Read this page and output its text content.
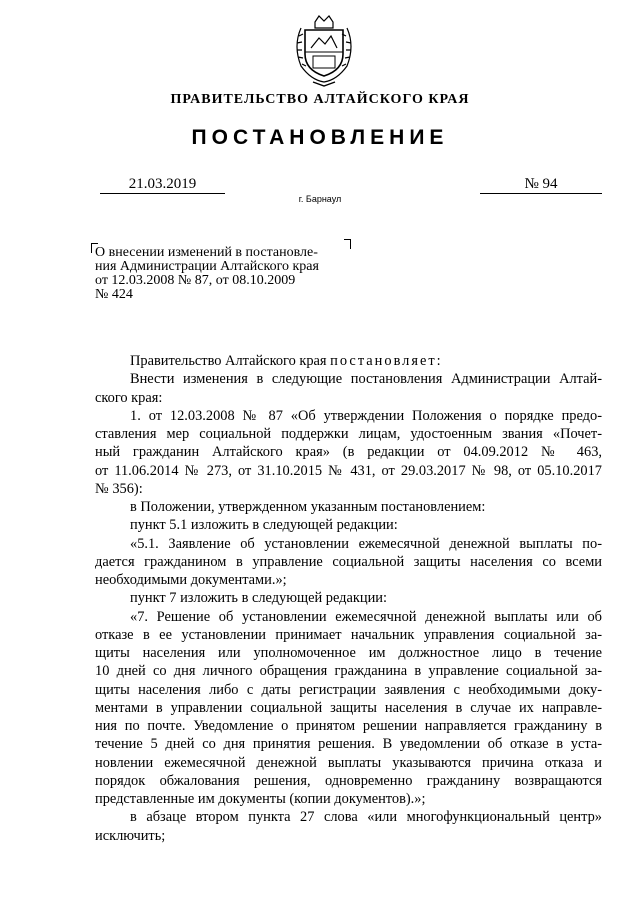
ПРАВИТЕЛЬСТВО АЛТАЙСКОГО КРАЯ
ПОСТАНОВЛЕНИЕ
21.03.2019	№ 94
г. Барнаул
О внесении изменений в постановле-
ния Администрации Алтайского края
от 12.03.2008 № 87, от 08.10.2009
№ 424
Правительство Алтайского края постановляет:
Внести изменения в следующие постановления Администрации Алтай-
ского края:
1. от 12.03.2008 № 87 «Об утверждении Положения о порядке предо-
ставления мер социальной поддержки лицам, удостоенным звания «Почет-
ный гражданин Алтайского края» (в редакции от 04.09.2012 № 463,
от 11.06.2014 № 273, от 31.10.2015 № 431, от 29.03.2017 № 98, от 05.10.2017
№ 356):
в Положении, утвержденном указанным постановлением:
пункт 5.1 изложить в следующей редакции:
«5.1. Заявление об установлении ежемесячной денежной выплаты по-
дается гражданином в управление социальной защиты населения со всеми
необходимыми документами.»;
пункт 7 изложить в следующей редакции:
«7. Решение об установлении ежемесячной денежной выплаты или об
отказе в ее установлении принимает начальник управления социальной за-
щиты населения или уполномоченное им должностное лицо в течение
10 дней со дня личного обращения гражданина в управление социальной за-
щиты населения либо с даты регистрации заявления с необходимыми доку-
ментами в управлении социальной защиты населения в случае их направле-
ния по почте. Уведомление о принятом решении направляется гражданину в
течение 5 дней со дня принятия решения. В уведомлении об отказе в уста-
новлении ежемесячной денежной выплаты указываются причина отказа и
порядок обжалования решения, одновременно гражданину возвращаются
представленные им документы (копии документов).»;
в абзаце втором пункта 27 слова «или многофункциональный центр»
исключить;
